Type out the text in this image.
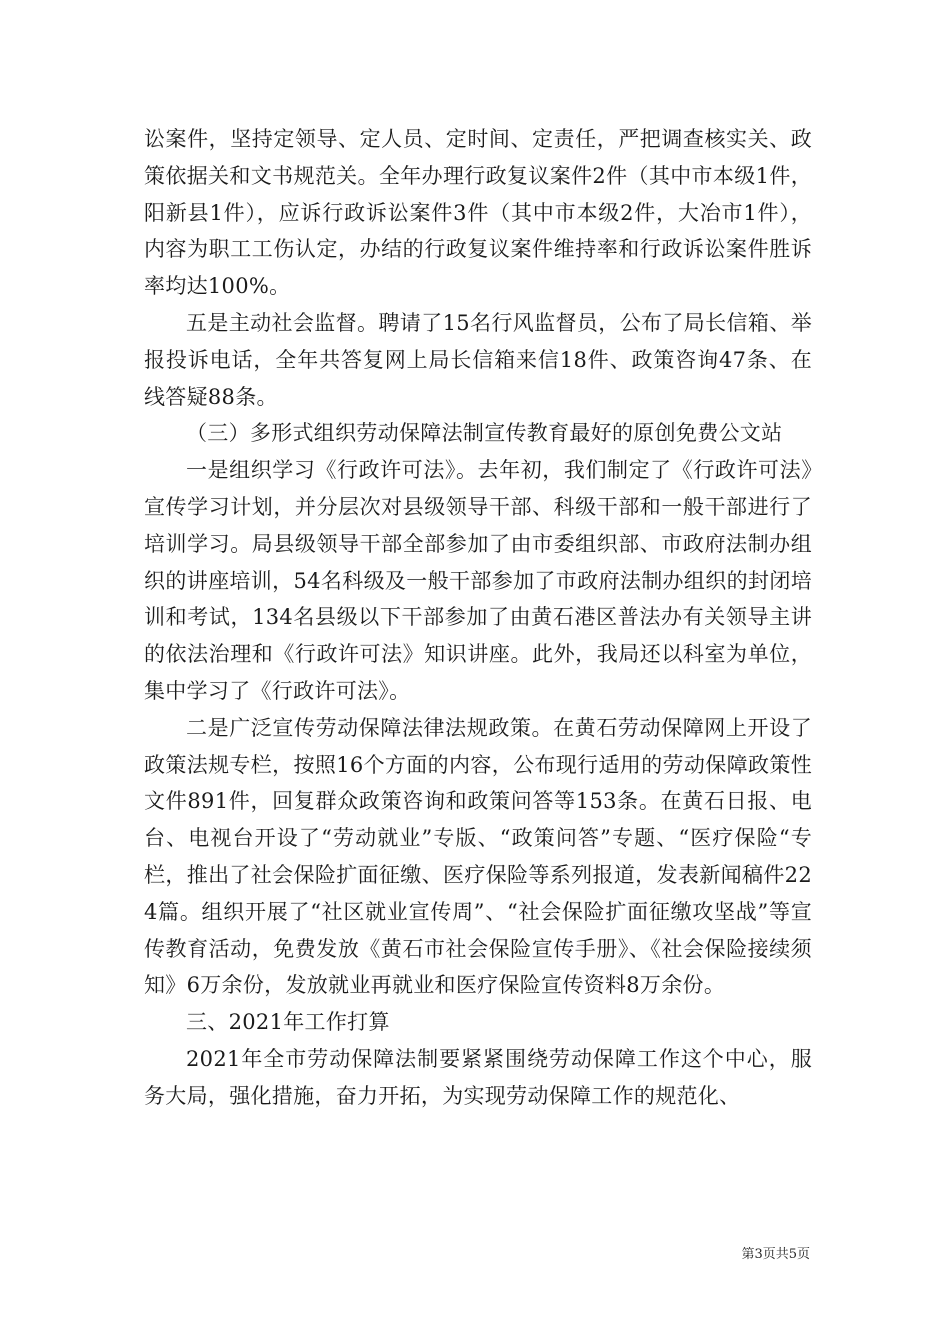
讼案件，坚持定领导、定人员、定时间、定责任，严把调查核实关、政策依据关和文书规范关。全年办理行政复议案件2件（其中市本级1件，阳新县1件），应诉行政诉讼案件3件（其中市本级2件，大冶市1件），内容为职工工伤认定，办结的行政复议案件维持率和行政诉讼案件胜诉率均达100%。

五是主动社会监督。聘请了15名行风监督员，公布了局长信箱、举报投诉电话，全年共答复网上局长信箱来信18件、政策咨询47条、在线答疑88条。

（三）多形式组织劳动保障法制宣传教育最好的原创免费公文站

一是组织学习《行政许可法》。去年初，我们制定了《行政许可法》宣传学习计划，并分层次对县级领导干部、科级干部和一般干部进行了培训学习。局县级领导干部全部参加了由市委组织部、市政府法制办组织的讲座培训，54名科级及一般干部参加了市政府法制办组织的封闭培训和考试，134名县级以下干部参加了由黄石港区普法办有关领导主讲的依法治理和《行政许可法》知识讲座。此外，我局还以科室为单位，集中学习了《行政许可法》。

二是广泛宣传劳动保障法律法规政策。在黄石劳动保障网上开设了政策法规专栏，按照16个方面的内容，公布现行适用的劳动保障政策性文件891件，回复群众政策咨询和政策问答等153条。在黄石日报、电台、电视台开设了“劳动就业”专版、“政策问答”专题、“医疗保险“专栏，推出了社会保险扩面征缴、医疗保险等系列报道，发表新闻稿件224篇。组织开展了“社区就业宣传周”、“社会保险扩面征缴攻坚战”等宣传教育活动，免费发放《黄石市社会保险宣传手册》、《社会保险接续须知》6万余份，发放就业再就业和医疗保险宣传资料8万余份。

三、2021年工作打算

2021年全市劳动保障法制要紧紧围绕劳动保障工作这个中心，服务大局，强化措施，奋力开拓，为实现劳动保障工作的规范化、

第3页共5页
